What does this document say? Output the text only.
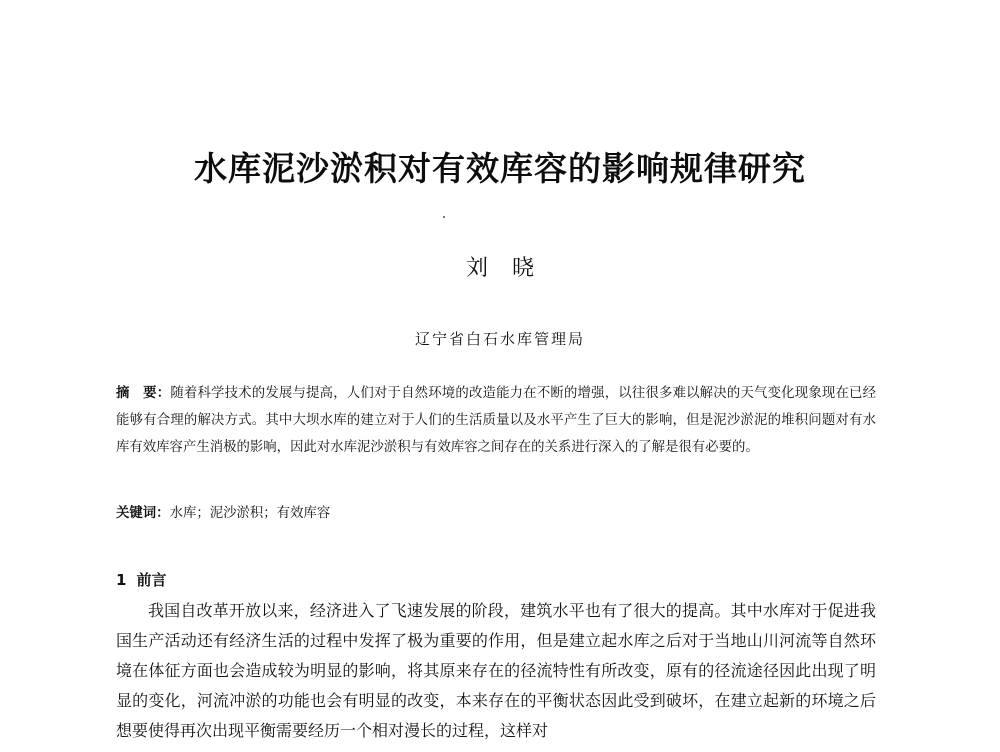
水库泥沙淤积对有效库容的影响规律研究
刘晓
辽宁省白石水库管理局
摘　要：随着科学技术的发展与提高，人们对于自然环境的改造能力在不断的增强，以往很多难以解决的天气变化现象现在已经能够有合理的解决方式。其中大坝水库的建立对于人们的生活质量以及水平产生了巨大的影响，但是泥沙淤泥的堆积问题对有水库有效库容产生消极的影响，因此对水库泥沙淤积与有效库容之间存在的关系进行深入的了解是很有必要的。
关键词：水库；泥沙淤积；有效库容
1 前言
我国自改革开放以来，经济进入了飞速发展的阶段，建筑水平也有了很大的提高。其中水库对于促进我国生产活动还有经济生活的过程中发挥了极为重要的作用，但是建立起水库之后对于当地山川河流等自然环境在体征方面也会造成较为明显的影响，将其原来存在的径流特性有所改变，原有的径流途径因此出现了明显的变化，河流冲淤的功能也会有明显的改变，本来存在的平衡状态因此受到破坏，在建立起新的环境之后想要使得再次出现平衡需要经历一个相对漫长的过程，这样对
